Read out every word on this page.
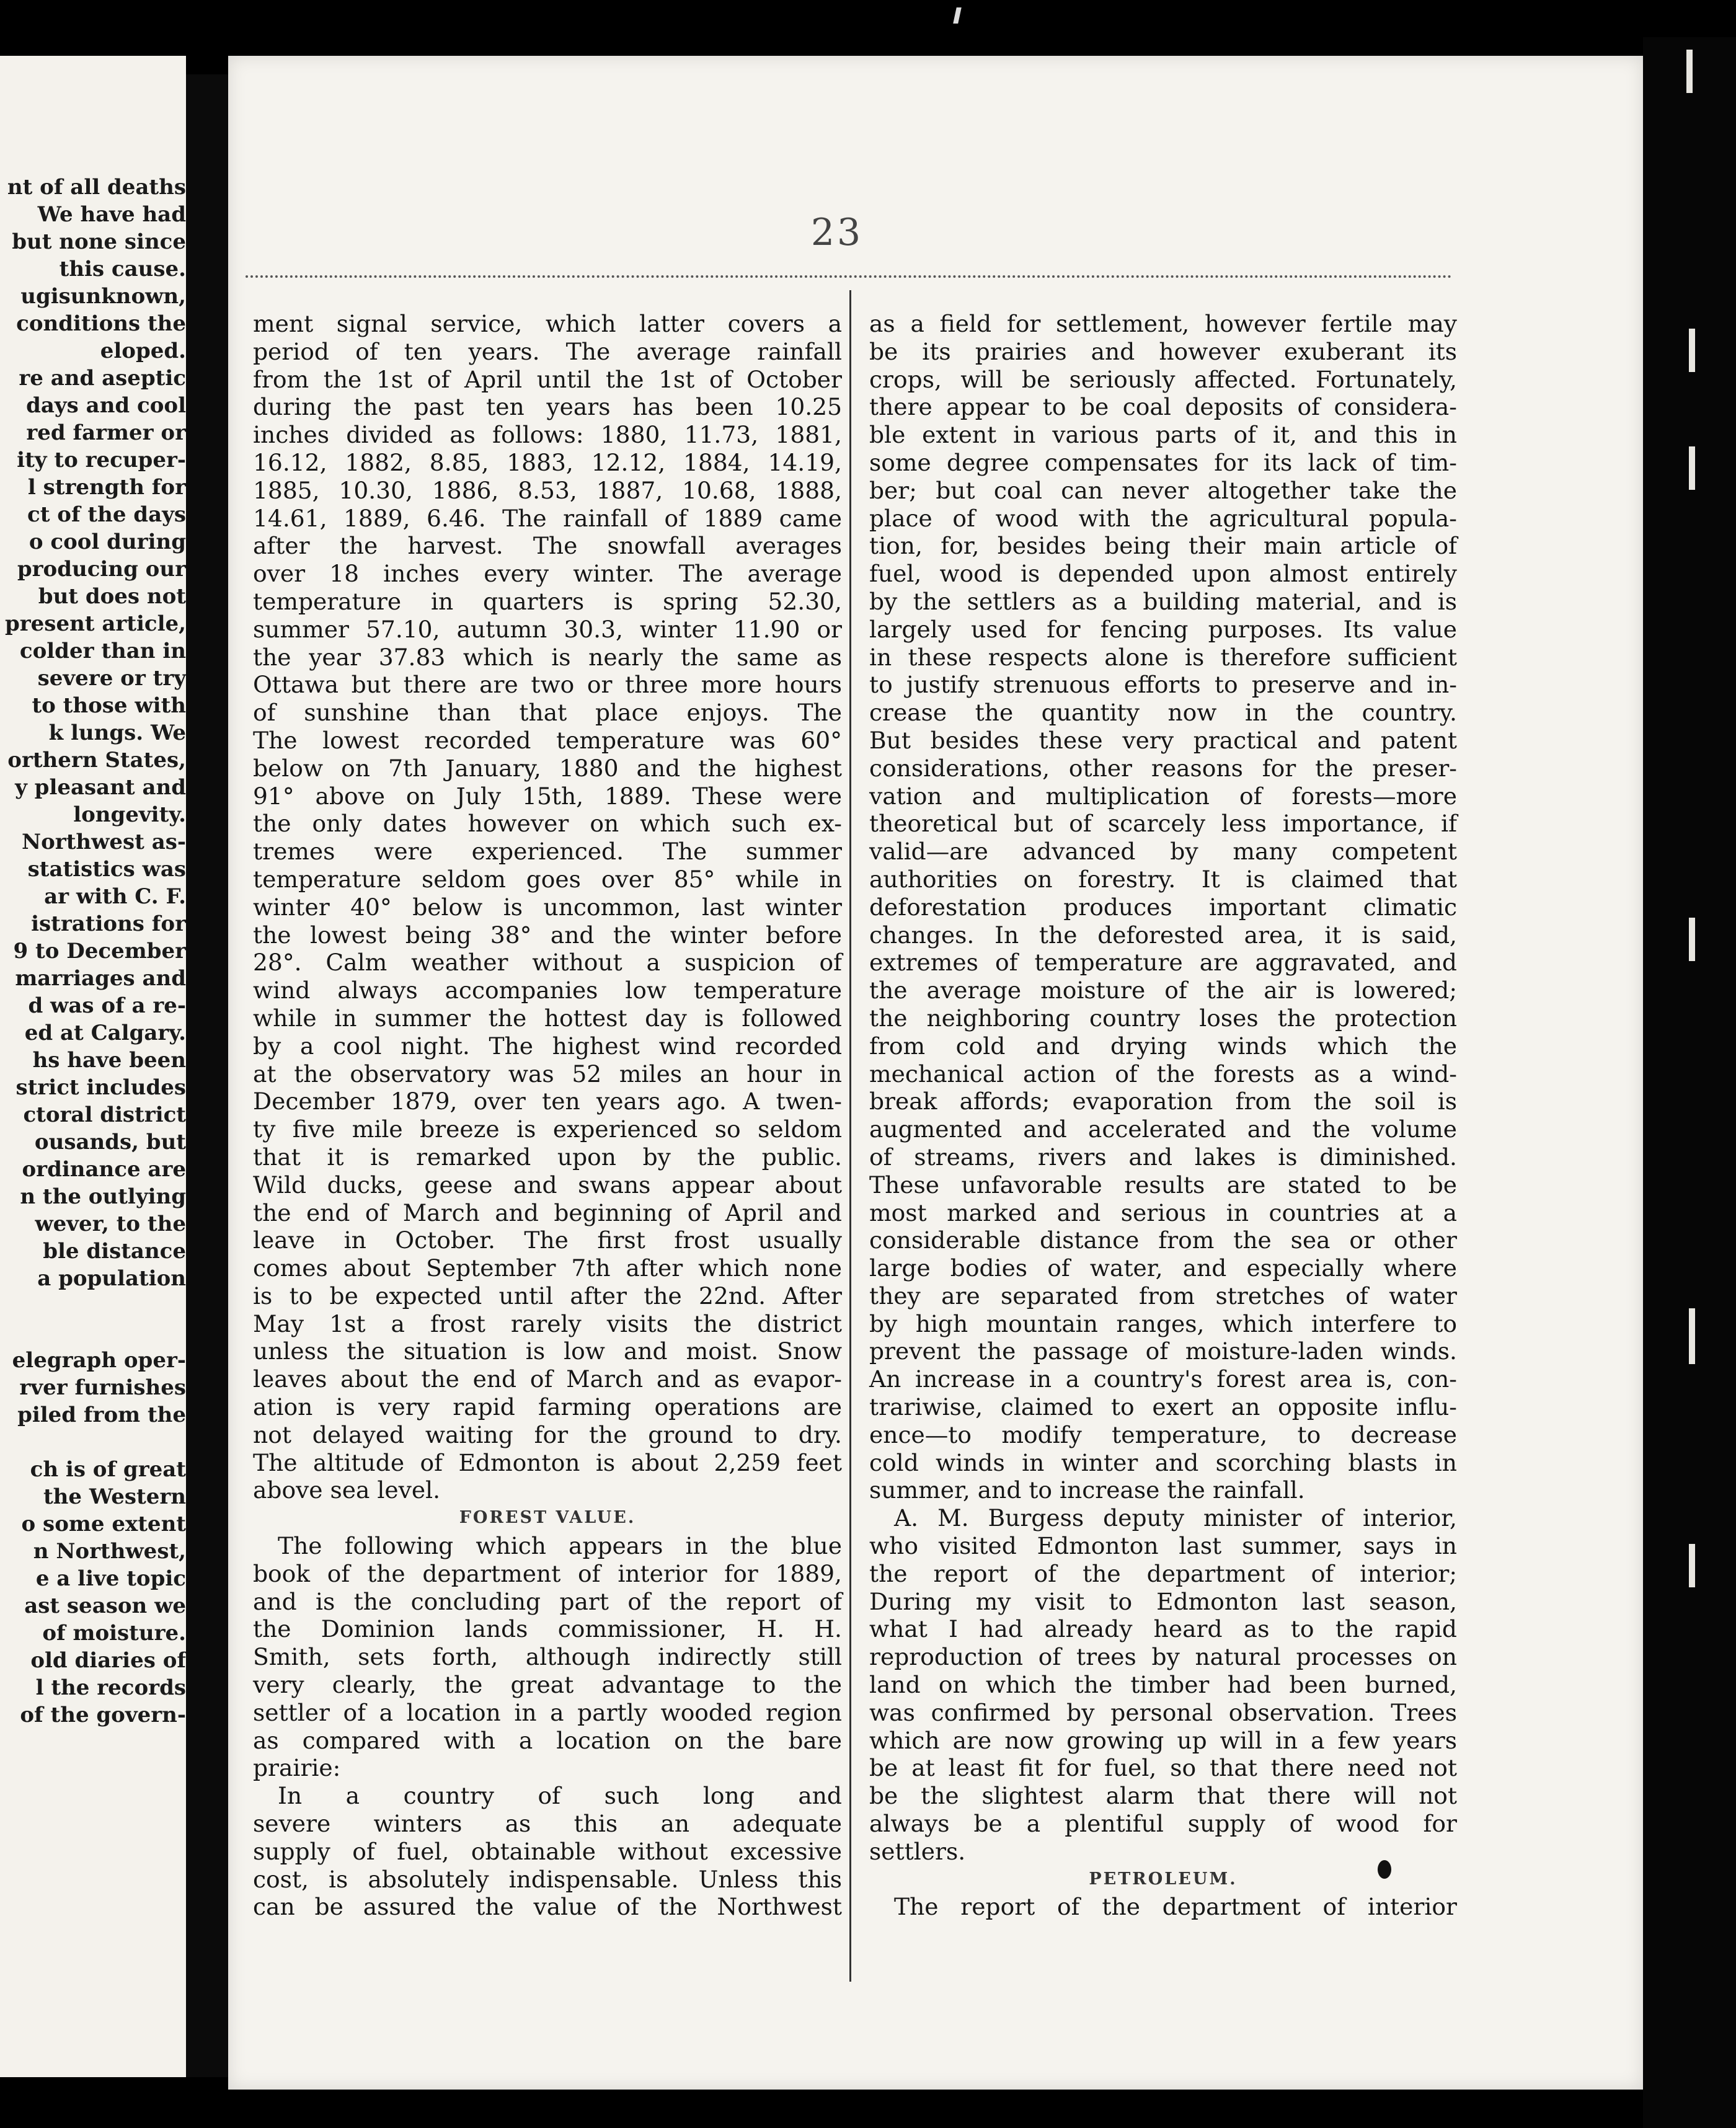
nt of all deaths
We have had
but none since
this cause.
ugisunknown,
conditions the
eloped.
re and aseptic
days and cool
red farmer or
ity to recuper-
l strength for
ct of the days
o cool during
producing our
but does not
present article,
colder than in
severe or try
to those with
k lungs. We
orthern States,
y pleasant and
longevity.
Northwest as-
statistics was
ar with C. F.
istrations for
9 to December
marriages and
d was of a re-
ed at Calgary.
hs have been
strict includes
ctoral district
ousands, but
ordinance are
n the outlying
wever, to the
ble distance
a population
elegraph oper-
rver furnishes
piled from the
ch is of great
the Western
o some extent
n Northwest,
e a live topic
ast season we
of moisture.
old diaries of
l the records
of the govern-
23
ment signal service, which latter covers a
period of ten years. The average rainfall
from the 1st of April until the 1st of October
during the past ten years has been 10.25
inches divided as follows: 1880, 11.73, 1881,
16.12, 1882, 8.85, 1883, 12.12, 1884, 14.19,
1885, 10.30, 1886, 8.53, 1887, 10.68, 1888,
14.61, 1889, 6.46. The rainfall of 1889 came
after the harvest. The snowfall averages
over 18 inches every winter. The average
temperature in quarters is spring 52.30,
summer 57.10, autumn 30.3, winter 11.90 or
the year 37.83 which is nearly the same as
Ottawa but there are two or three more hours
of sunshine than that place enjoys. The
The lowest recorded temperature was 60°
below on 7th January, 1880 and the highest
91° above on July 15th, 1889. These were
the only dates however on which such ex-
tremes were experienced. The summer
temperature seldom goes over 85° while in
winter 40° below is uncommon, last winter
the lowest being 38° and the winter before
28°. Calm weather without a suspicion of
wind always accompanies low temperature
while in summer the hottest day is followed
by a cool night. The highest wind recorded
at the observatory was 52 miles an hour in
December 1879, over ten years ago. A twen-
ty five mile breeze is experienced so seldom
that it is remarked upon by the public.
Wild ducks, geese and swans appear about
the end of March and beginning of April and
leave in October. The first frost usually
comes about September 7th after which none
is to be expected until after the 22nd. After
May 1st a frost rarely visits the district
unless the situation is low and moist. Snow
leaves about the end of March and as evapor-
ation is very rapid farming operations are
not delayed waiting for the ground to dry.
The altitude of Edmonton is about 2,259 feet
above sea level.
FOREST VALUE.
The following which appears in the blue
book of the department of interior for 1889,
and is the concluding part of the report of
the Dominion lands commissioner, H. H.
Smith, sets forth, although indirectly still
very clearly, the great advantage to the
settler of a location in a partly wooded region
as compared with a location on the bare
prairie:
In a country of such long and
severe winters as this an adequate
supply of fuel, obtainable without excessive
cost, is absolutely indispensable. Unless this
can be assured the value of the Northwest
as a field for settlement, however fertile may
be its prairies and however exuberant its
crops, will be seriously affected. Fortunately,
there appear to be coal deposits of considera-
ble extent in various parts of it, and this in
some degree compensates for its lack of tim-
ber; but coal can never altogether take the
place of wood with the agricultural popula-
tion, for, besides being their main article of
fuel, wood is depended upon almost entirely
by the settlers as a building material, and is
largely used for fencing purposes. Its value
in these respects alone is therefore sufficient
to justify strenuous efforts to preserve and in-
crease the quantity now in the country.
But besides these very practical and patent
considerations, other reasons for the preser-
vation and multiplication of forests—more
theoretical but of scarcely less importance, if
valid—are advanced by many competent
authorities on forestry. It is claimed that
deforestation produces important climatic
changes. In the deforested area, it is said,
extremes of temperature are aggravated, and
the average moisture of the air is lowered;
the neighboring country loses the protection
from cold and drying winds which the
mechanical action of the forests as a wind-
break affords; evaporation from the soil is
augmented and accelerated and the volume
of streams, rivers and lakes is diminished.
These unfavorable results are stated to be
most marked and serious in countries at a
considerable distance from the sea or other
large bodies of water, and especially where
they are separated from stretches of water
by high mountain ranges, which interfere to
prevent the passage of moisture-laden winds.
An increase in a country's forest area is, con-
trariwise, claimed to exert an opposite influ-
ence—to modify temperature, to decrease
cold winds in winter and scorching blasts in
summer, and to increase the rainfall.
A. M. Burgess deputy minister of interior,
who visited Edmonton last summer, says in
the report of the department of interior;
During my visit to Edmonton last season,
what I had already heard as to the rapid
reproduction of trees by natural processes on
land on which the timber had been burned,
was confirmed by personal observation. Trees
which are now growing up will in a few years
be at least fit for fuel, so that there need not
be the slightest alarm that there will not
always be a plentiful supply of wood for
settlers.
PETROLEUM.
The report of the department of interior
